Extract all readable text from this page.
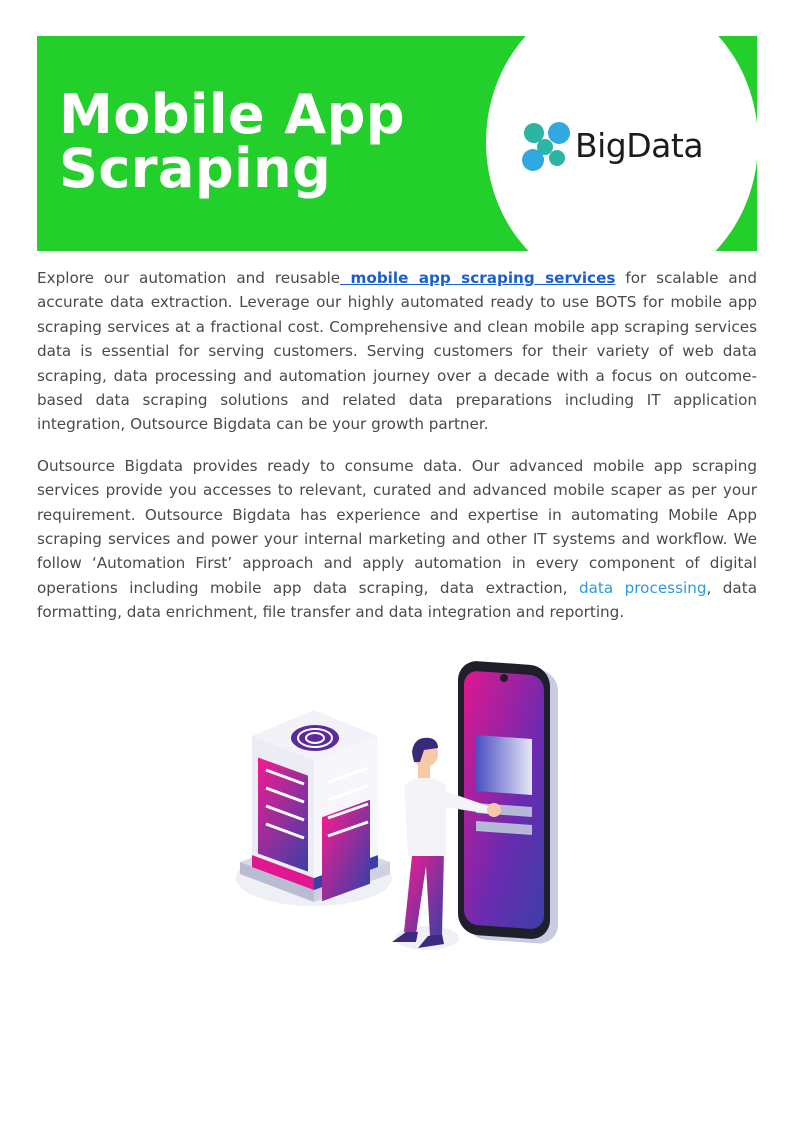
Mobile App
Scraping	BigData

Explore our automation and reusable mobile app scraping services for scalable and accurate data extraction. Leverage our highly automated ready to use BOTS for mobile app scraping services at a fractional cost. Comprehensive and clean mobile app scraping services data is essential for serving customers. Serving customers for their variety of web data scraping, data processing and automation journey over a decade with a focus on outcome-based data scraping solutions and related data preparations including IT application integration, Outsource Bigdata can be your growth partner.

Outsource Bigdata provides ready to consume data. Our advanced mobile app scraping services provide you accesses to relevant, curated and advanced mobile scaper as per your requirement. Outsource Bigdata has experience and expertise in automating Mobile App scraping services and power your internal marketing and other IT systems and workflow. We follow ‘Automation First’ approach and apply automation in every component of digital operations including mobile app data scraping, data extraction, data processing, data formatting, data enrichment, file transfer and data integration and reporting.
